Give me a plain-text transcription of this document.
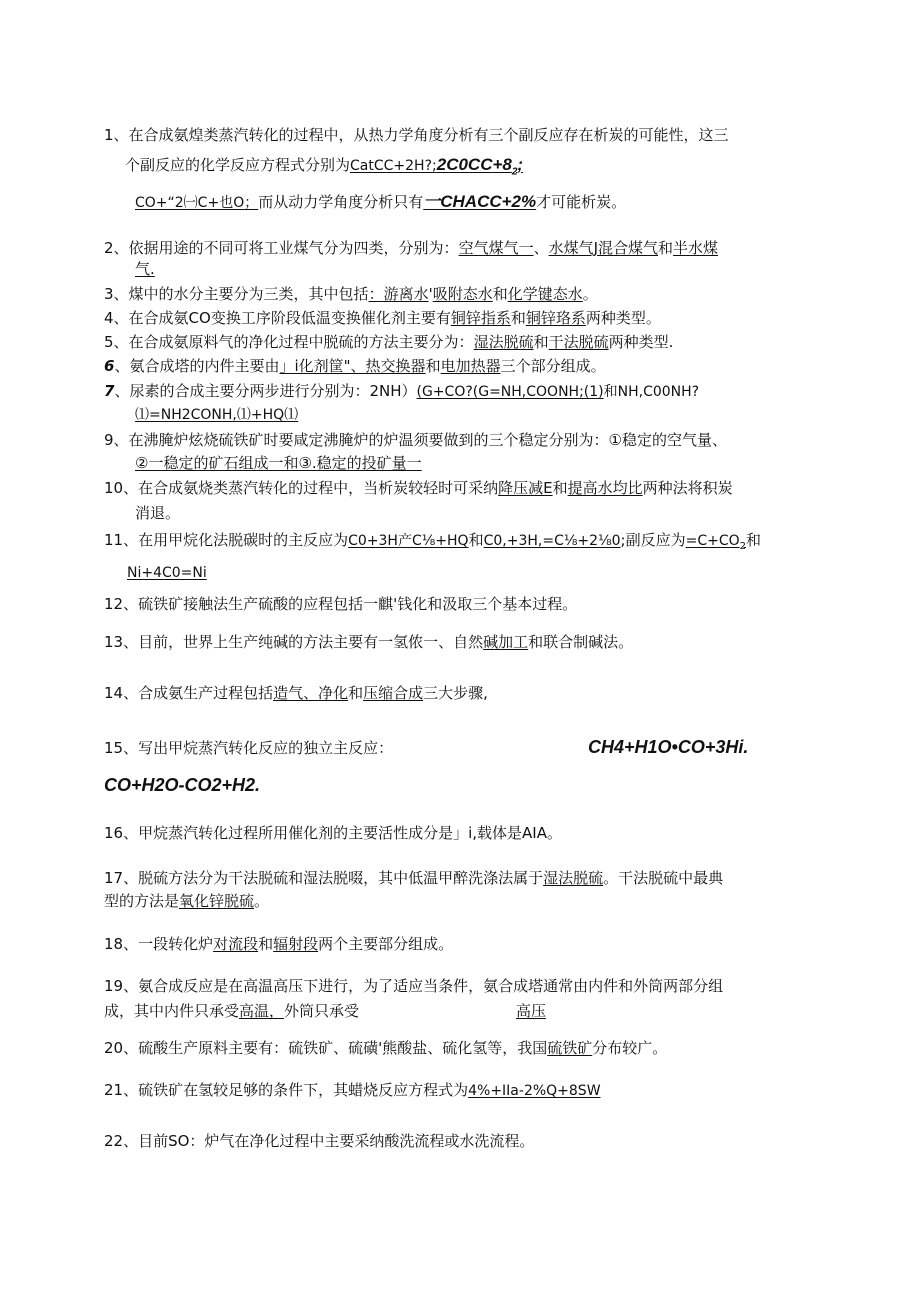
1、在合成氨煌类蒸汽转化的过程中，从热力学角度分析有三个副反应存在析炭的可能性，这三
个副反应的化学反应方程式分别为$CatCC+2H?;2C0CC+8_2$;
CO+“2㈠C+也O；而从动力学角度分析只有一CHACC+2%才可能析炭。
2、依据用途的不同可将工业煤气分为四类，分别为：空气煤气一、水煤气J混合煤气和半水煤
气.
3、煤中的水分主要分为三类，其中包括：游离水'吸附态水和化学键态水。
4、在合成氨CO变换工序阶段低温变换催化剂主要有铜锌指系和铜锌珞系两种类型。
5、在合成氨原料气的净化过程中脱硫的方法主要分为：湿法脱硫和干法脱硫两种类型.
6、氨合成塔的内件主要由」i化剂筐"、热交换器和电加热器三个部分组成。
7、尿素的合成主要分两步进行分别为：2NH）(G+CO?(G=NH,COONH;(1)和NH,C00NH?
⑴=NH2CONH,⑴+HQ⑴
9、在沸腌炉炫烧硫铁矿时要咸定沸腌炉的炉温须要做到的三个稳定分别为：①稳定的空气量、
②一稳定的矿石组成一和③.稳定的投矿量一
10、在合成氨烧类蒸汽转化的过程中，当析炭较轻时可采纳降压减E和提高水均比两种法将积炭
消退。
11、在用甲烷化法脱碳时的主反应为C0+3H产C⅛+HQ和C0,+3H,=C⅛+2⅛0;副反应为$=C+CO_2$和
Ni+4C0=Ni
12、硫铁矿接触法生产硫酸的应程包括一麒'钱化和汲取三个基本过程。
13、目前，世界上生产纯碱的方法主要有一氢侬一、自然碱加工和联合制碱法。
14、合成氨生产过程包括造气、净化和压缩合成三大步骤,
15、写出甲烷蒸汽转化反应的独立主反应：	CH4+H1O•CO+3Hi.
CO+H2O-CO2+H2.
16、甲烷蒸汽转化过程所用催化剂的主要活性成分是」i,载体是AIA。
17、脱硫方法分为干法脱硫和湿法脱啜，其中低温甲醉洗涤法属于湿法脱硫。干法脱硫中最典
型的方法是氧化锌脱硫。
18、一段转化炉对流段和辐射段两个主要部分组成。
19、氨合成反应是在高温高压下进行，为了适应当条件，氨合成塔通常由内件和外筒两部分组
成，其中内件只承受高温，外筒只承受	高压
20、硫酸生产原料主要有：硫铁矿、硫磺'熊酸盐、硫化氢等，我国硫铁矿分布较广。
21、硫铁矿在氢较足够的条件下，其蜡烧反应方程式为4%+IIa-2%Q+8SW
22、目前SO：炉气在净化过程中主要采纳酸洗流程或水洗流程。
